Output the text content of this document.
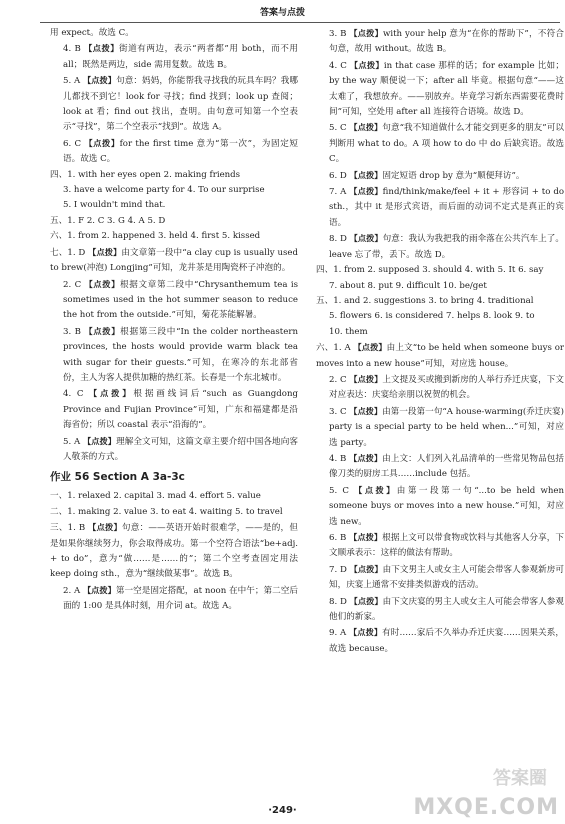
答案与点拨

用 expect。故选 C。

4. B 【点拨】街道有两边，表示“两者都”用 both，而不用 all；既然是两边，side 需用复数。故选 B。

5. A 【点拨】句意：妈妈，你能帮我寻找我的玩具车吗？我哪儿都找不到它！look for 寻找；find 找到；look up 查阅；look at 看；find out 找出，查明。由句意可知第一个空表示“寻找”，第二个空表示“找到”。故选 A。

6. C 【点拨】for the first time 意为“第一次”，为固定短语。故选 C。

四、1. with her eyes open 2. making friends

3. have a welcome party for 4. To our surprise

5. I wouldn't mind that.

五、1. F 2. C 3. G 4. A 5. D

六、1. from 2. happened 3. held 4. first 5. kissed

七、1. D 【点拨】由文章第一段中“a clay cup is usually used to brew(冲泡) Longjing”可知，龙井茶是用陶瓷杯子冲泡的。

2. C 【点拨】根据文章第二段中“Chrysanthemum tea is sometimes used in the hot summer season to reduce the hot from the outside.”可知，菊花茶能解暑。

3. B 【点拨】根据第三段中“In the colder northeastern provinces, the hosts would provide warm black tea with sugar for their guests.”可知，在寒冷的东北部省份，主人为客人提供加糖的热红茶。长春是一个东北城市。

4. C 【点拨】根据画线词后“such as Guangdong Province and Fujian Province”可知，广东和福建都是沿海省份；所以 coastal 表示“沿海的”。

5. A 【点拨】理解全文可知，这篇文章主要介绍中国各地向客人敬茶的方式。

作业 56 Section A 3a-3c

一、1. relaxed 2. capital 3. mad 4. effort 5. value

二、1. making 2. value 3. to eat 4. waiting 5. to travel

三、1. B 【点拨】句意：——英语开始时很难学，——是的，但是如果你继续努力，你会取得成功。第一个空符合语法“be+adj. + to do”，意为“做……是……的”；第二个空考查固定用法 keep doing sth.，意为“继续做某事”。故选 B。

2. A 【点拨】第一空是固定搭配，at noon 在中午；第二空后面的 1:00 是具体时刻，用介词 at。故选 A。

3. B 【点拨】with your help 意为“在你的帮助下”，不符合句意，故用 without。故选 B。

4. C 【点拨】in that case 那样的话；for example 比如；by the way 顺便说一下；after all 毕竟。根据句意“——这太难了，我想放弃。——别放弃。毕竟学习新东西需要花费时间”可知，空处用 after all 连接符合语境。故选 D。

5. C 【点拨】句意“我不知道做什么才能交到更多的朋友”可以判断用 what to do。A 项 how to do 中 do 后缺宾语。故选 C。

6. D 【点拨】固定短语 drop by 意为“顺便拜访”。

7. A 【点拨】find/think/make/feel + it + 形容词 + to do sth.，其中 it 是形式宾语，而后面的动词不定式是真正的宾语。

8. D 【点拨】句意：我认为我把我的雨伞落在公共汽车上了。leave 忘了带，丢下。故选 D。

四、1. from 2. supposed 3. should 4. with 5. It 6. say

7. about 8. put 9. difficult 10. be/get

五、1. and 2. suggestions 3. to bring 4. traditional

5. flowers 6. is considered 7. helps 8. look 9. to

10. them

六、1. A 【点拨】由上文“to be held when someone buys or moves into a new house”可知，对应选 house。

2. C 【点拨】上文提及买或搬到新房的人举行乔迁庆宴，下文对应表达：庆宴给亲朋以祝贺的机会。

3. C 【点拨】由第一段第一句“A house-warming(乔迁庆宴) party is a special party to be held when...”可知，对应选 party。

4. B 【点拨】由上文：人们列入礼品清单的一些常见物品包括像刀类的厨房工具……include 包括。

5. C 【点拨】由第一段第一句“...to be held when someone buys or moves into a new house.”可知，对应选 new。

6. B 【点拨】根据上文可以带食物或饮料与其他客人分享，下文顺承表示：这样的做法有帮助。

7. D 【点拨】由下文男主人或女主人可能会带客人参观新房可知，庆宴上通常不安排类似游戏的活动。

8. D 【点拨】由下文庆宴的男主人或女主人可能会带客人参观他们的新家。

9. A 【点拨】有时……家后不久举办乔迁庆宴……因果关系，故选 because。

答案圈
MXQE.COM
·249·
